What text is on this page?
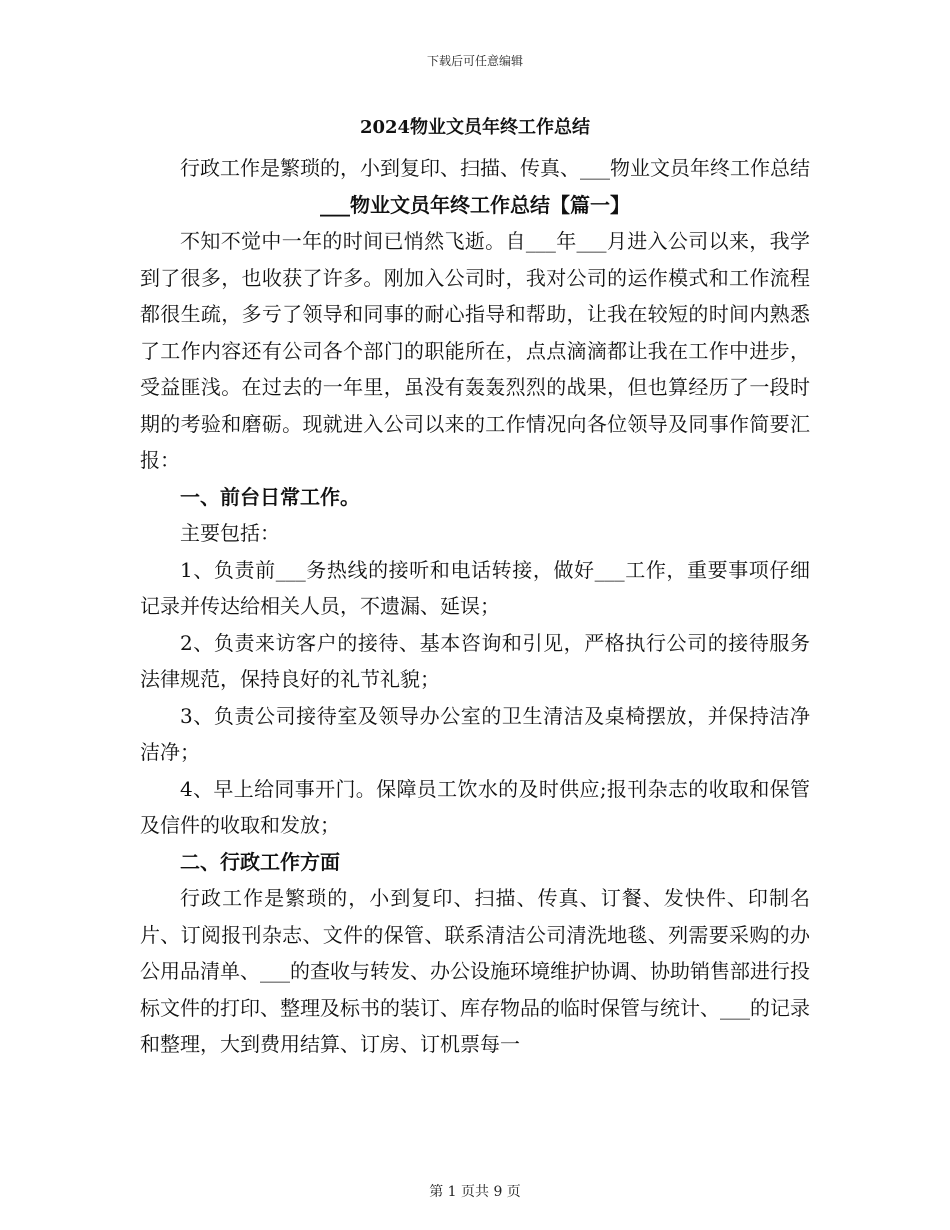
下载后可任意编辑

2024物业文员年终工作总结

行政工作是繁琐的，小到复印、扫描、传真、___物业文员年终工作总结

___物业文员年终工作总结【篇一】

不知不觉中一年的时间已悄然飞逝。自___年___月进入公司以来，我学到了很多，也收获了许多。刚加入公司时，我对公司的运作模式和工作流程都很生疏，多亏了领导和同事的耐心指导和帮助，让我在较短的时间内熟悉了工作内容还有公司各个部门的职能所在，点点滴滴都让我在工作中进步，受益匪浅。在过去的一年里，虽没有轰轰烈烈的战果，但也算经历了一段时期的考验和磨砺。现就进入公司以来的工作情况向各位领导及同事作简要汇报：

一、前台日常工作。

主要包括：

1、负责前___务热线的接听和电话转接，做好___工作，重要事项仔细记录并传达给相关人员，不遗漏、延误；

2、负责来访客户的接待、基本咨询和引见，严格执行公司的接待服务法律规范，保持良好的礼节礼貌；

3、负责公司接待室及领导办公室的卫生清洁及桌椅摆放，并保持洁净洁净；

4、早上给同事开门。保障员工饮水的及时供应;报刊杂志的收取和保管及信件的收取和发放；

二、行政工作方面

行政工作是繁琐的，小到复印、扫描、传真、订餐、发快件、印制名片、订阅报刊杂志、文件的保管、联系清洁公司清洗地毯、列需要采购的办公用品清单、___的查收与转发、办公设施环境维护协调、协助销售部进行投标文件的打印、整理及标书的装订、库存物品的临时保管与统计、___的记录和整理，大到费用结算、订房、订机票每一

第 1 页共 9 页
